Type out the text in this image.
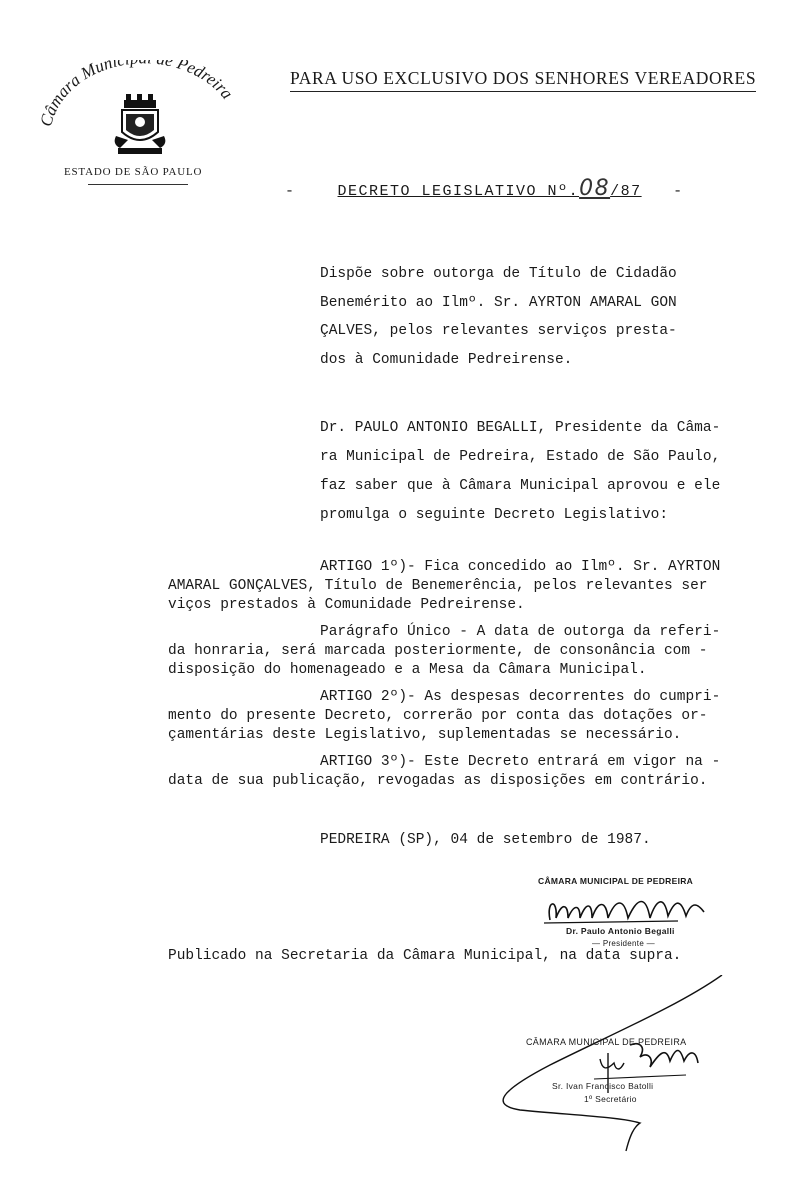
Câmara Muni e Pedreira
ESTADO DE SÃO PAULO
PARA USO EXCLUSIVO DOS SENHORES VEREADORES
-	DECRETO LEGISLATIVO Nº.08/87 -
Dispõe sobre outorga de Título de Cidadão
Benemérito ao Ilmº. Sr. AYRTON AMARAL GON
ÇALVES, pelos relevantes serviços presta-
dos à Comunidade Pedreirense.
Dr. PAULO ANTONIO BEGALLI, Presidente da Câma-
ra Municipal de Pedreira, Estado de São Paulo,
faz saber que à Câmara Municipal aprovou e ele
promulga o seguinte Decreto Legislativo:
ARTIGO 1º)- Fica concedido ao Ilmº. Sr. AYRTON
AMARAL GONÇALVES, Título de Benemerência, pelos relevantes ser
viços prestados à Comunidade Pedreirense.
Parágrafo Único - A data de outorga da referi-
da honraria, será marcada posteriormente, de consonância com -
disposição do homenageado e a Mesa da Câmara Municipal.
ARTIGO 2º)- As despesas decorrentes do cumpri-
mento do presente Decreto, correrão por conta das dotações or-
çamentárias deste Legislativo, suplementadas se necessário.
ARTIGO 3º)- Este Decreto entrará em vigor na -
data de sua publicação, revogadas as disposições em contrário.
PEDREIRA (SP), 04 de setembro de 1987.
CÂMARA MUNICIPAL DE PEDREIRA
Dr. Paulo Antonio Begalli
— Presidente —
Publicado na Secretaria da Câmara Municipal, na data supra.
CÂMARA MUNICIPAL DE PEDREIRA
Sr. Ivan Francisco Batolli
1º Secretário
